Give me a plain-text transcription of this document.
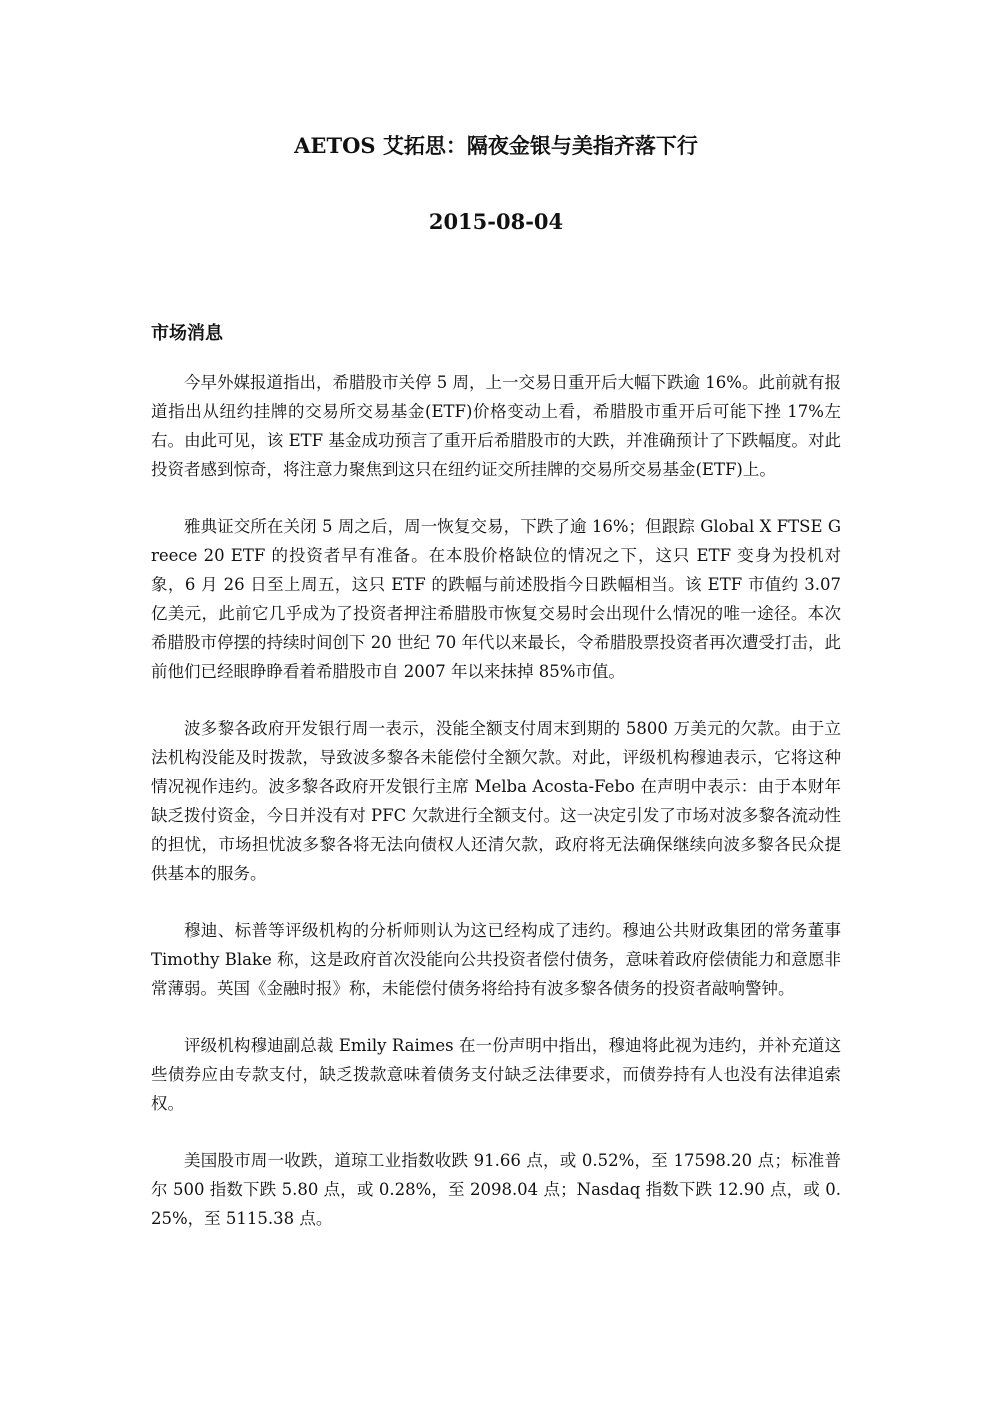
AETOS 艾拓思：隔夜金银与美指齐落下行
2015-08-04
市场消息

今早外媒报道指出，希腊股市关停 5 周，上一交易日重开后大幅下跌逾 16%。此前就有报道指出从纽约挂牌的交易所交易基金(ETF)价格变动上看，希腊股市重开后可能下挫 17%左右。由此可见，该 ETF 基金成功预言了重开后希腊股市的大跌，并准确预计了下跌幅度。对此投资者感到惊奇，将注意力聚焦到这只在纽约证交所挂牌的交易所交易基金(ETF)上。

雅典证交所在关闭 5 周之后，周一恢复交易，下跌了逾 16%；但跟踪 Global X FTSE Greece 20 ETF 的投资者早有准备。在本股价格缺位的情况之下，这只 ETF 变身为投机对象，6 月 26 日至上周五，这只 ETF 的跌幅与前述股指今日跌幅相当。该 ETF 市值约 3.07 亿美元，此前它几乎成为了投资者押注希腊股市恢复交易时会出现什么情况的唯一途径。本次希腊股市停摆的持续时间创下 20 世纪 70 年代以来最长，令希腊股票投资者再次遭受打击，此前他们已经眼睁睁看着希腊股市自 2007 年以来抹掉 85%市值。

波多黎各政府开发银行周一表示，没能全额支付周末到期的 5800 万美元的欠款。由于立法机构没能及时拨款，导致波多黎各未能偿付全额欠款。对此，评级机构穆迪表示，它将这种情况视作违约。波多黎各政府开发银行主席 Melba Acosta-Febo 在声明中表示：由于本财年缺乏拨付资金，今日并没有对 PFC 欠款进行全额支付。这一决定引发了市场对波多黎各流动性的担忧，市场担忧波多黎各将无法向债权人还清欠款，政府将无法确保继续向波多黎各民众提供基本的服务。

穆迪、标普等评级机构的分析师则认为这已经构成了违约。穆迪公共财政集团的常务董事 Timothy Blake 称，这是政府首次没能向公共投资者偿付债务，意味着政府偿债能力和意愿非常薄弱。英国《金融时报》称，未能偿付债务将给持有波多黎各债务的投资者敲响警钟。

评级机构穆迪副总裁 Emily Raimes 在一份声明中指出，穆迪将此视为违约，并补充道这些债券应由专款支付，缺乏拨款意味着债务支付缺乏法律要求，而债券持有人也没有法律追索权。

美国股市周一收跌，道琼工业指数收跌 91.66 点，或 0.52%，至 17598.20 点；标准普尔 500 指数下跌 5.80 点，或 0.28%，至 2098.04 点；Nasdaq 指数下跌 12.90 点，或 0.25%，至 5115.38 点。
